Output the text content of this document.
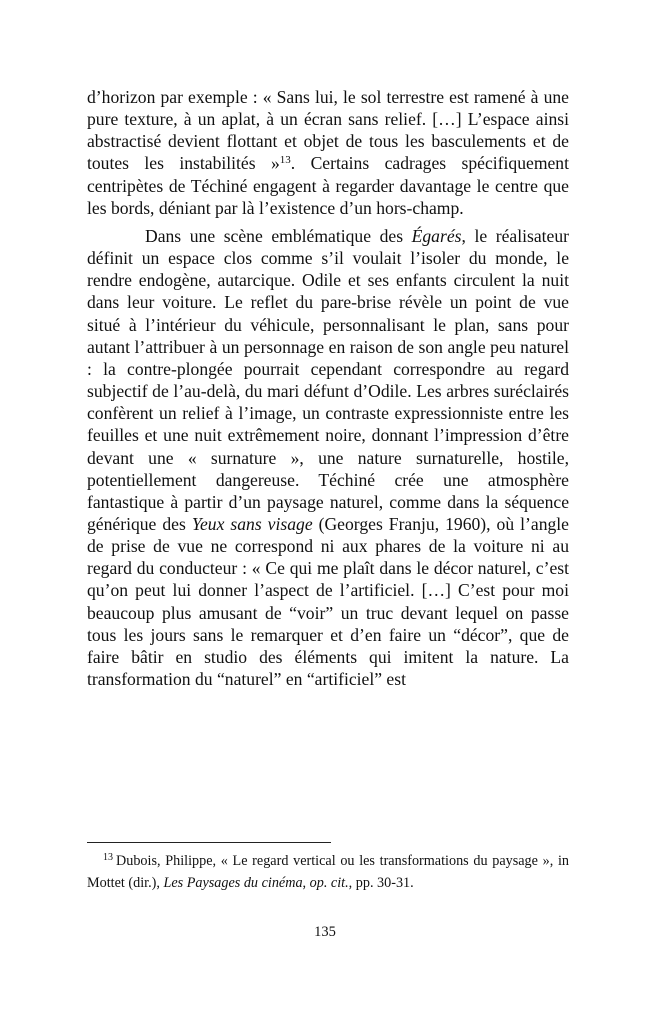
d’horizon par exemple : « Sans lui, le sol terrestre est ramené à une pure texture, à un aplat, à un écran sans relief. […] L’espace ainsi abstractisé devient flottant et objet de tous les basculements et de toutes les instabilités »$^{13}$. Certains cadrages spécifiquement centripètes de Téchiné engagent à regarder davantage le centre que les bords, déniant par là l’existence d’un hors-champ.

Dans une scène emblématique des Égarés, le réalisateur définit un espace clos comme s’il voulait l’isoler du monde, le rendre endogène, autarcique. Odile et ses enfants circulent la nuit dans leur voiture. Le reflet du pare-brise révèle un point de vue situé à l’intérieur du véhicule, personnalisant le plan, sans pour autant l’attribuer à un personnage en raison de son angle peu naturel : la contre-plongée pourrait cependant correspondre au regard subjectif de l’au-delà, du mari défunt d’Odile. Les arbres suréclairés confèrent un relief à l’image, un contraste expressionniste entre les feuilles et une nuit extrêmement noire, donnant l’impression d’être devant une « surnature », une nature surnaturelle, hostile, potentiellement dangereuse. Téchiné crée une atmosphère fantastique à partir d’un paysage naturel, comme dans la séquence générique des Yeux sans visage (Georges Franju, 1960), où l’angle de prise de vue ne correspond ni aux phares de la voiture ni au regard du conducteur : « Ce qui me plaît dans le décor naturel, c’est qu’on peut lui donner l’aspect de l’artificiel. […] C’est pour moi beaucoup plus amusant de “voir” un truc devant lequel on passe tous les jours sans le remarquer et d’en faire un “décor”, que de faire bâtir en studio des éléments qui imitent la nature. La transformation du “naturel” en “artificiel” est

$^{13}$ Dubois, Philippe, « Le regard vertical ou les transformations du paysage », in Mottet (dir.), Les Paysages du cinéma, op. cit., pp. 30-31.
135
